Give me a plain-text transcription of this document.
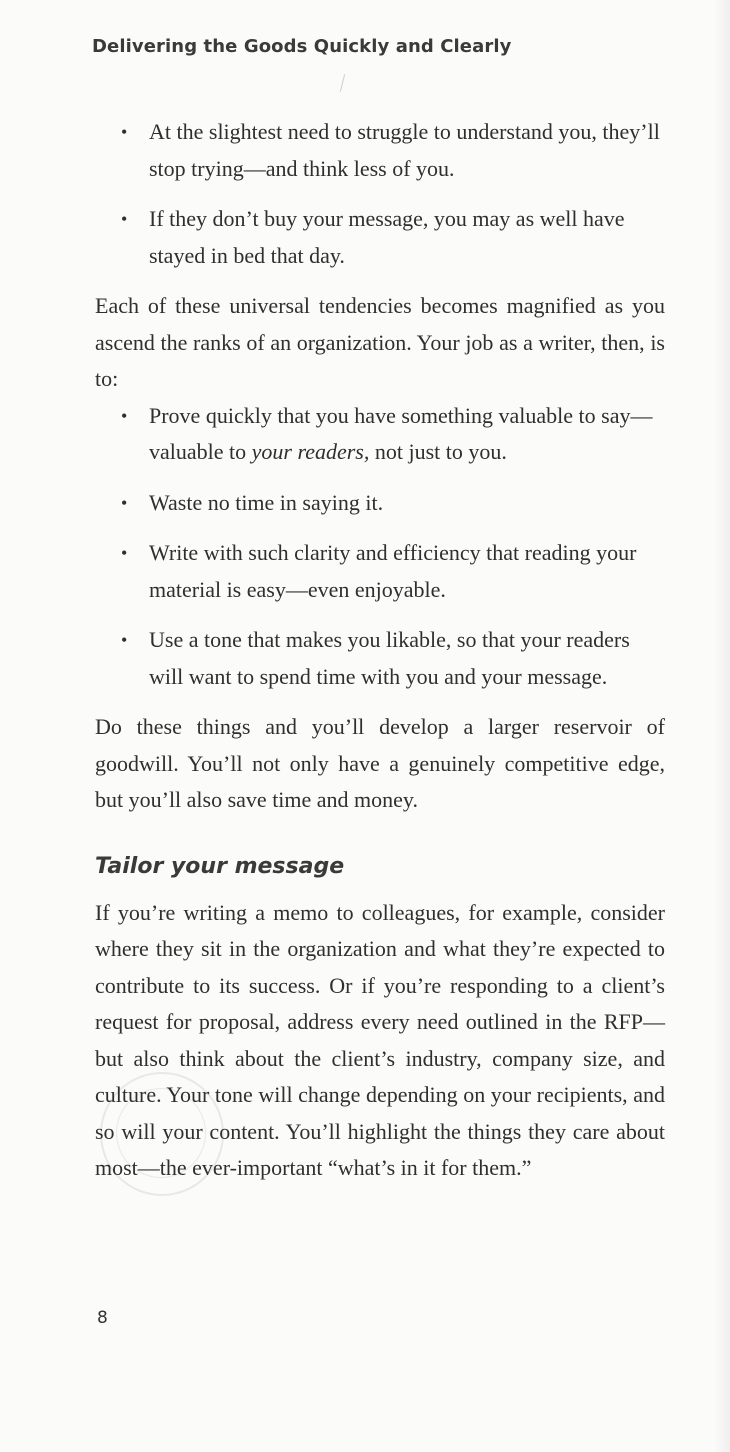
Delivering the Goods Quickly and Clearly
• At the slightest need to struggle to understand you, they’ll stop trying—and think less of you.
• If they don’t buy your message, you may as well have stayed in bed that day.

Each of these universal tendencies becomes magnified as you ascend the ranks of an organization. Your job as a writer, then, is to:

• Prove quickly that you have something valuable to say—valuable to your readers, not just to you.
• Waste no time in saying it.
• Write with such clarity and efficiency that reading your material is easy—even enjoyable.
• Use a tone that makes you likable, so that your readers will want to spend time with you and your message.

Do these things and you’ll develop a larger reservoir of goodwill. You’ll not only have a genuinely competitive edge, but you’ll also save time and money.

Tailor your message

If you’re writing a memo to colleagues, for example, consider where they sit in the organization and what they’re expected to contribute to its success. Or if you’re responding to a client’s request for proposal, address every need outlined in the RFP—but also think about the client’s industry, company size, and culture. Your tone will change depending on your recipients, and so will your content. You’ll highlight the things they care about most—the ever-important “what’s in it for them.”

8
